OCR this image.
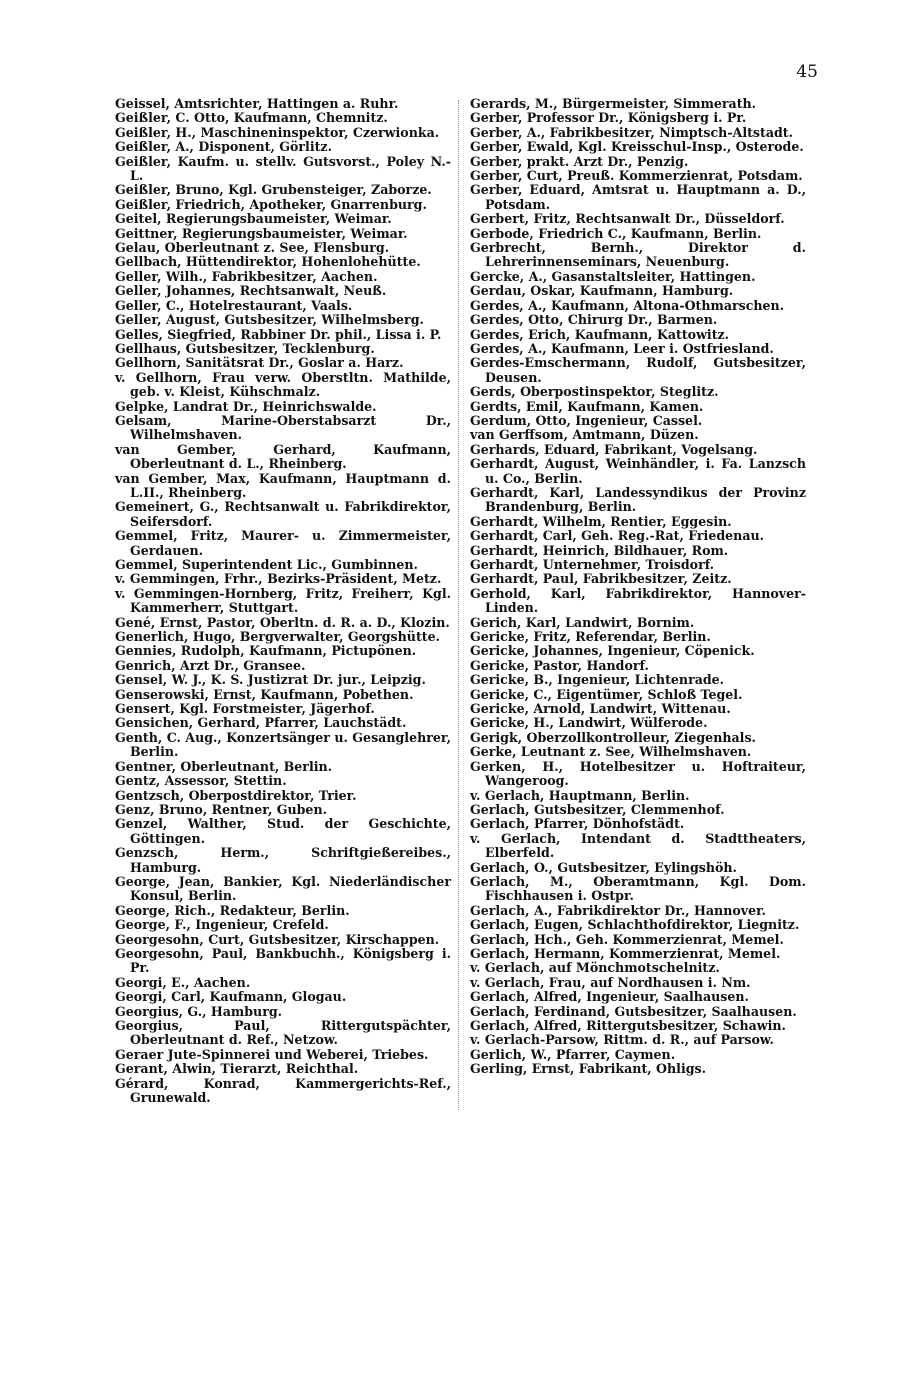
45

Geissel, Amtsrichter, Hattingen a. Ruhr.

Geißler, C. Otto, Kaufmann, Chemnitz.

Geißler, H., Maschineninspektor, Czerwionka.

Geißler, A., Disponent, Görlitz.

Geißler, Kaufm. u. stellv. Gutsvorst., Poley N.-L.

Geißler, Bruno, Kgl. Grubensteiger, Zaborze.

Geißler, Friedrich, Apotheker, Gnarrenburg.

Geitel, Regierungsbaumeister, Weimar.

Geittner, Regierungsbaumeister, Weimar.

Gelau, Oberleutnant z. See, Flensburg.

Gellbach, Hüttendirektor, Hohenlohehütte.

Geller, Wilh., Fabrikbesitzer, Aachen.

Geller, Johannes, Rechtsanwalt, Neuß.

Geller, C., Hotelrestaurant, Vaals.

Geller, August, Gutsbesitzer, Wilhelmsberg.

Gelles, Siegfried, Rabbiner Dr. phil., Lissa i. P.

Gellhaus, Gutsbesitzer, Tecklenburg.

Gellhorn, Sanitätsrat Dr., Goslar a. Harz.

v. Gellhorn, Frau verw. Oberstltn. Mathilde, geb. v. Kleist, Kühschmalz.

Gelpke, Landrat Dr., Heinrichswalde.

Gelsam, Marine-Oberstabsarzt Dr., Wilhelmshaven.

van Gember, Gerhard, Kaufmann, Oberleutnant d. L., Rheinberg.

van Gember, Max, Kaufmann, Hauptmann d. L.II., Rheinberg.

Gemeinert, G., Rechtsanwalt u. Fabrikdirektor, Seifersdorf.

Gemmel, Fritz, Maurer- u. Zimmermeister, Gerdauen.

Gemmel, Superintendent Lic., Gumbinnen.

v. Gemmingen, Frhr., Bezirks-Präsident, Metz.

v. Gemmingen-Hornberg, Fritz, Freiherr, Kgl. Kammerherr, Stuttgart.

Gené, Ernst, Pastor, Oberltn. d. R. a. D., Klozin.

Generlich, Hugo, Bergverwalter, Georgshütte.

Gennies, Rudolph, Kaufmann, Pictupönen.

Genrich, Arzt Dr., Gransee.

Gensel, W. J., K. S. Justizrat Dr. jur., Leipzig.

Genserowski, Ernst, Kaufmann, Pobethen.

Gensert, Kgl. Forstmeister, Jägerhof.

Gensichen, Gerhard, Pfarrer, Lauchstädt.

Genth, C. Aug., Konzertsänger u. Gesanglehrer, Berlin.

Gentner, Oberleutnant, Berlin.

Gentz, Assessor, Stettin.

Gentzsch, Oberpostdirektor, Trier.

Genz, Bruno, Rentner, Guben.

Genzel, Walther, Stud. der Geschichte, Göttingen.

Genzsch, Herm., Schriftgießereibes., Hamburg.

George, Jean, Bankier, Kgl. Niederländischer Konsul, Berlin.

George, Rich., Redakteur, Berlin.

George, F., Ingenieur, Crefeld.

Georgesohn, Curt, Gutsbesitzer, Kirschappen.

Georgesohn, Paul, Bankbuchh., Königsberg i. Pr.

Georgi, E., Aachen.

Georgi, Carl, Kaufmann, Glogau.

Georgius, G., Hamburg.

Georgius, Paul, Rittergutspächter, Oberleutnant d. Ref., Netzow.

Geraer Jute-Spinnerei und Weberei, Triebes.

Gerant, Alwin, Tierarzt, Reichthal.

Gérard, Konrad, Kammergerichts-Ref., Grunewald.

Gerards, M., Bürgermeister, Simmerath.

Gerber, Professor Dr., Königsberg i. Pr.

Gerber, A., Fabrikbesitzer, Nimptsch-Altstadt.

Gerber, Ewald, Kgl. Kreisschul-Insp., Osterode.

Gerber, prakt. Arzt Dr., Penzig.

Gerber, Curt, Preuß. Kommerzienrat, Potsdam.

Gerber, Eduard, Amtsrat u. Hauptmann a. D., Potsdam.

Gerbert, Fritz, Rechtsanwalt Dr., Düsseldorf.

Gerbode, Friedrich C., Kaufmann, Berlin.

Gerbrecht, Bernh., Direktor d. Lehrerinnenseminars, Neuenburg.

Gercke, A., Gasanstaltsleiter, Hattingen.

Gerdau, Oskar, Kaufmann, Hamburg.

Gerdes, A., Kaufmann, Altona-Othmarschen.

Gerdes, Otto, Chirurg Dr., Barmen.

Gerdes, Erich, Kaufmann, Kattowitz.

Gerdes, A., Kaufmann, Leer i. Ostfriesland.

Gerdes-Emschermann, Rudolf, Gutsbesitzer, Deusen.

Gerds, Oberpostinspektor, Steglitz.

Gerdts, Emil, Kaufmann, Kamen.

Gerdum, Otto, Ingenieur, Cassel.

van Gerffsom, Amtmann, Düzen.

Gerhards, Eduard, Fabrikant, Vogelsang.

Gerhardt, August, Weinhändler, i. Fa. Lanzsch u. Co., Berlin.

Gerhardt, Karl, Landessyndikus der Provinz Brandenburg, Berlin.

Gerhardt, Wilhelm, Rentier, Eggesin.

Gerhardt, Carl, Geh. Reg.-Rat, Friedenau.

Gerhardt, Heinrich, Bildhauer, Rom.

Gerhardt, Unternehmer, Troisdorf.

Gerhardt, Paul, Fabrikbesitzer, Zeitz.

Gerhold, Karl, Fabrikdirektor, Hannover-Linden.

Gerich, Karl, Landwirt, Bornim.

Gericke, Fritz, Referendar, Berlin.

Gericke, Johannes, Ingenieur, Cöpenick.

Gericke, Pastor, Handorf.

Gericke, B., Ingenieur, Lichtenrade.

Gericke, C., Eigentümer, Schloß Tegel.

Gericke, Arnold, Landwirt, Wittenau.

Gericke, H., Landwirt, Wülferode.

Gerigk, Oberzollkontrolleur, Ziegenhals.

Gerke, Leutnant z. See, Wilhelmshaven.

Gerken, H., Hotelbesitzer u. Hoftraiteur, Wangeroog.

v. Gerlach, Hauptmann, Berlin.

Gerlach, Gutsbesitzer, Clemmenhof.

Gerlach, Pfarrer, Dönhofstädt.

v. Gerlach, Intendant d. Stadttheaters, Elberfeld.

Gerlach, O., Gutsbesitzer, Eylingshöh.

Gerlach, M., Oberamtmann, Kgl. Dom. Fischhausen i. Ostpr.

Gerlach, A., Fabrikdirektor Dr., Hannover.

Gerlach, Eugen, Schlachthofdirektor, Liegnitz.

Gerlach, Hch., Geh. Kommerzienrat, Memel.

Gerlach, Hermann, Kommerzienrat, Memel.

v. Gerlach, auf Mönchmotschelnitz.

v. Gerlach, Frau, auf Nordhausen i. Nm.

Gerlach, Alfred, Ingenieur, Saalhausen.

Gerlach, Ferdinand, Gutsbesitzer, Saalhausen.

Gerlach, Alfred, Rittergutsbesitzer, Schawin.

v. Gerlach-Parsow, Rittm. d. R., auf Parsow.

Gerlich, W., Pfarrer, Caymen.

Gerling, Ernst, Fabrikant, Ohligs.
